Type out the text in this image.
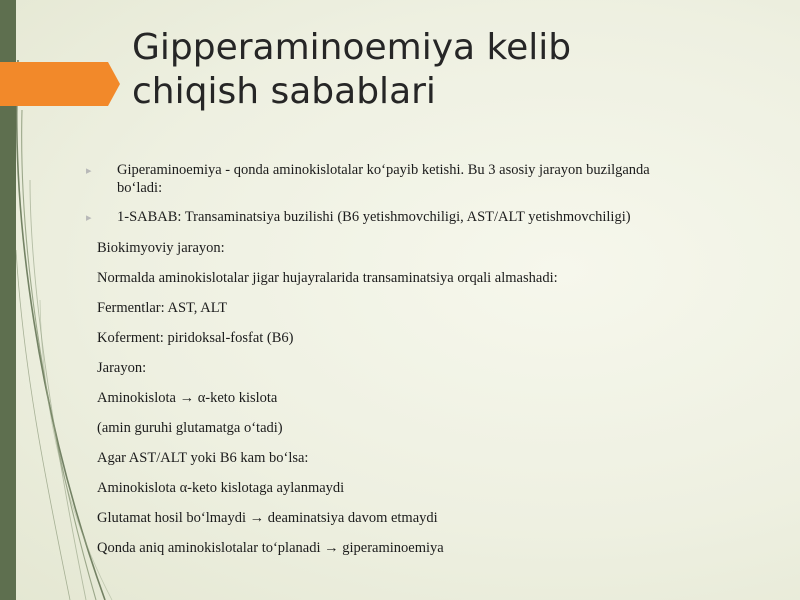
Gipperaminoemiya kelib
chiqish sabablari
▸ Giperaminoemiya - qonda aminokislotalar ko‘payib ketishi. Bu 3 asosiy jarayon buzilganda bo‘ladi:
▸ 1-SABAB: Transaminatsiya buzilishi (B6 yetishmovchiligi, AST/ALT yetishmovchiligi)

Biokimyoviy jarayon:

Normalda aminokislotalar jigar hujayralarida transaminatsiya orqali almashadi:

Fermentlar: AST, ALT

Koferment: piridoksal-fosfat (B6)

Jarayon:

Aminokislota → α-keto kislota

(amin guruhi glutamatga o‘tadi)

Agar AST/ALT yoki B6 kam bo‘lsa:

Aminokislota α-keto kislotaga aylanmaydi

Glutamat hosil bo‘lmaydi → deaminatsiya davom etmaydi

Qonda aniq aminokislotalar to‘planadi → giperaminoemiya
